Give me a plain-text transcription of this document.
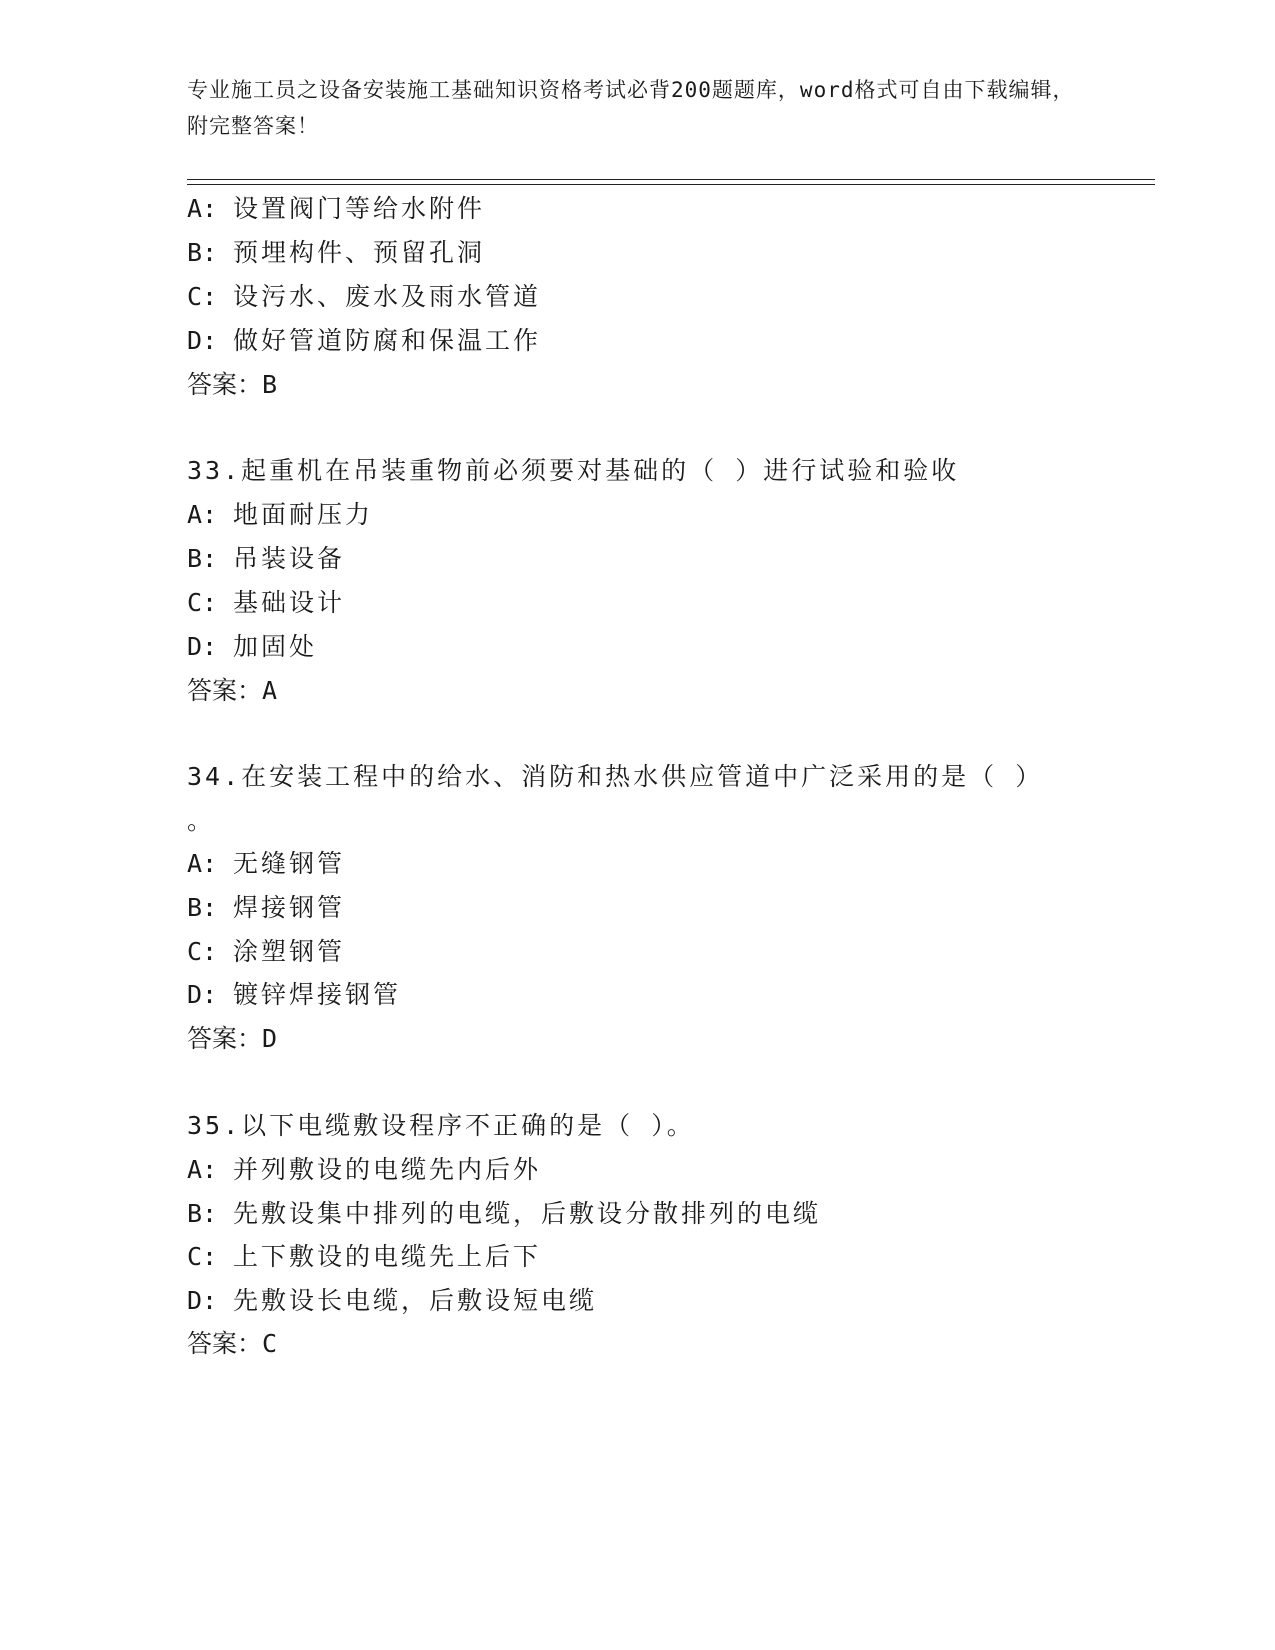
专业施工员之设备安装施工基础知识资格考试必背200题题库，word格式可自由下载编辑，附完整答案！
A: 设置阀门等给水附件
B: 预埋构件、预留孔洞
C: 设污水、废水及雨水管道
D: 做好管道防腐和保温工作
答案：B
33.起重机在吊装重物前必须要对基础的（ ）进行试验和验收
A: 地面耐压力
B: 吊装设备
C: 基础设计
D: 加固处
答案：A
34.在安装工程中的给水、消防和热水供应管道中广泛采用的是（ ）
。
A: 无缝钢管
B: 焊接钢管
C: 涂塑钢管
D: 镀锌焊接钢管
答案：D
35.以下电缆敷设程序不正确的是（ ）。
A: 并列敷设的电缆先内后外
B: 先敷设集中排列的电缆，后敷设分散排列的电缆
C: 上下敷设的电缆先上后下
D: 先敷设长电缆，后敷设短电缆
答案：C
